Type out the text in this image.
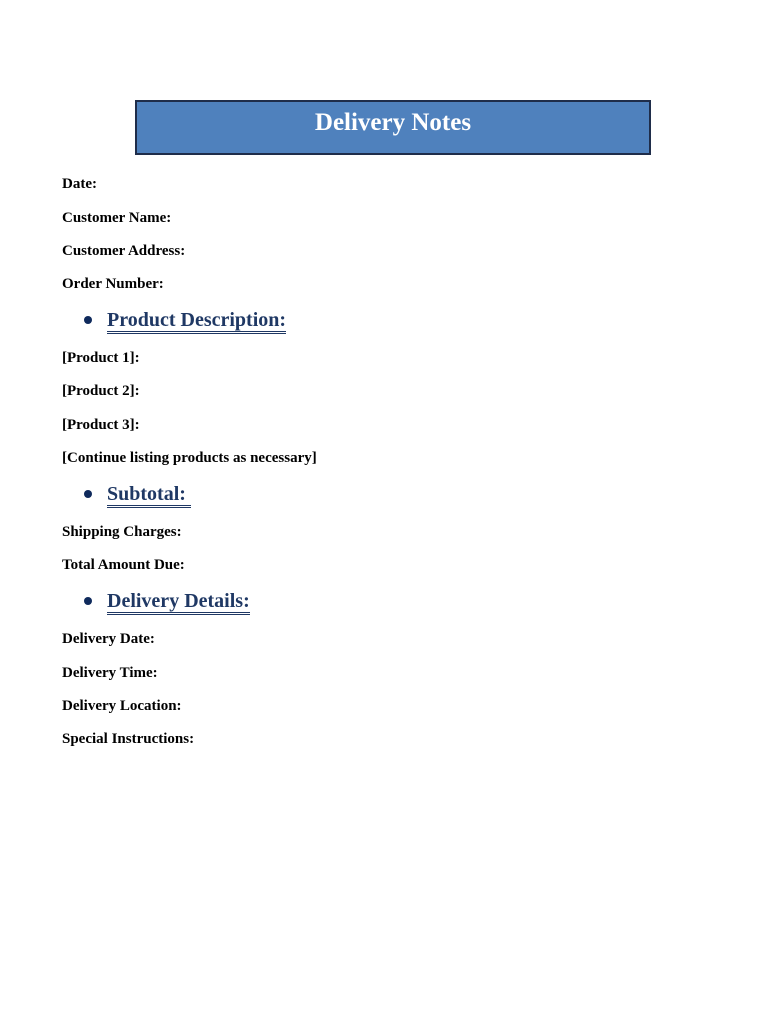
Delivery Notes
Date:
Customer Name:
Customer Address:
Order Number:
Product Description:
[Product 1]:
[Product 2]:
[Product 3]:
[Continue listing products as necessary]
Subtotal:
Shipping Charges:
Total Amount Due:
Delivery Details:
Delivery Date:
Delivery Time:
Delivery Location:
Special Instructions:
